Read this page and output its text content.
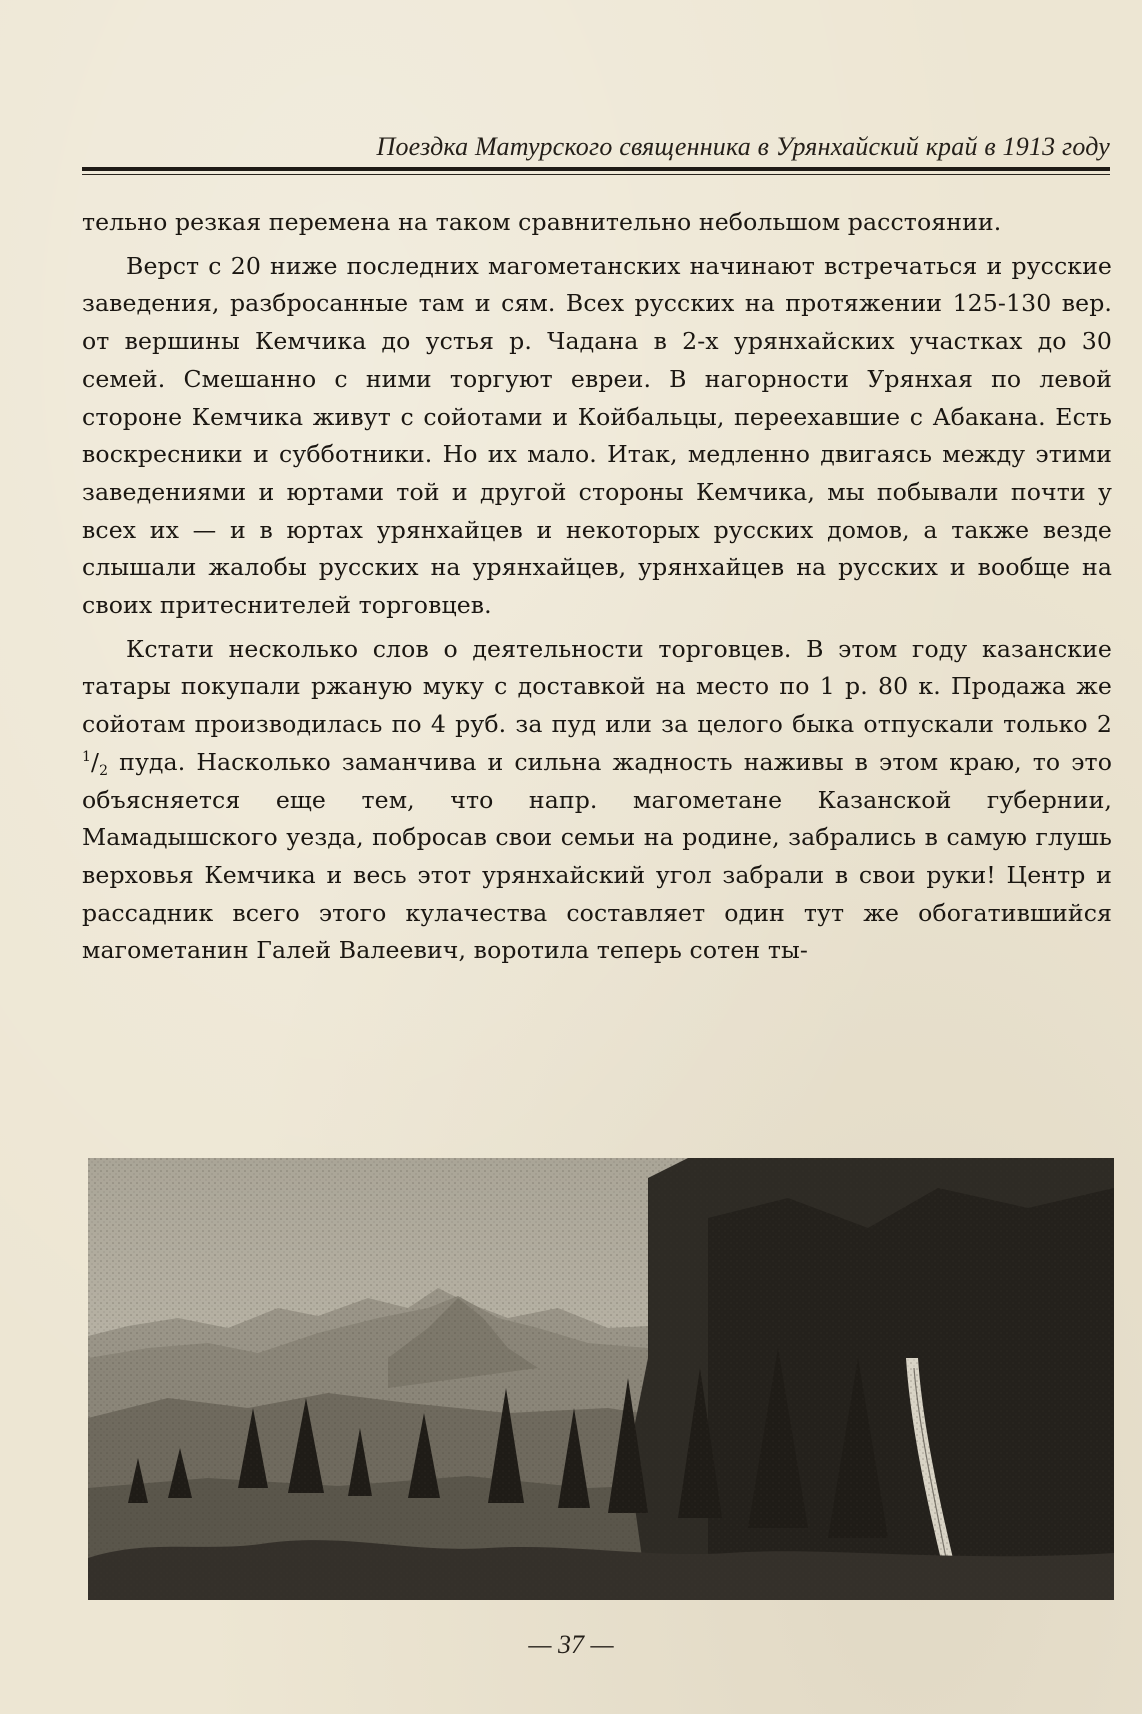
Поездка Матурского священника в Урянхайский край в 1913 году

тельно резкая перемена на таком сравнительно небольшом расстоянии.

Верст с 20 ниже последних магометанских начинают встречаться и русские заведения, разбросанные там и сям. Всех русских на протяжении 125-130 вер. от вершины Кемчика до устья р. Чадана в 2-х урянхайских участках до 30 семей. Смешанно с ними торгуют евреи. В нагорности Урянхая по левой стороне Кемчика живут с сойотами и Койбальцы, переехавшие с Абакана. Есть воскресники и субботники. Но их мало. Итак, медленно двигаясь между этими заведениями и юртами той и другой стороны Кемчика, мы побывали почти у всех их — и в юртах урянхайцев и некоторых русских домов, а также везде слышали жалобы русских на урянхайцев, урянхайцев на русских и вообще на своих притеснителей торговцев.

Кстати несколько слов о деятельности торговцев. В этом году казанские татары покупали ржаную муку с доставкой на место по 1 р. 80 к. Продажа же сойотам производилась по 4 руб. за пуд или за целого быка отпускали только 2 $^1/_2$ пуда. Насколько заманчива и сильна жадность наживы в этом краю, то это объясняется еще тем, что напр. магометане Казанской губернии, Мамадышского уезда, побросав свои семьи на родине, забрались в самую глушь верховья Кемчика и весь этот урянхайский угол забрали в свои руки! Центр и рассадник всего этого кулачества составляет один тут же обогатившийся магометанин Галей Валеевич, воротила теперь сотен ты-

— 37 —
